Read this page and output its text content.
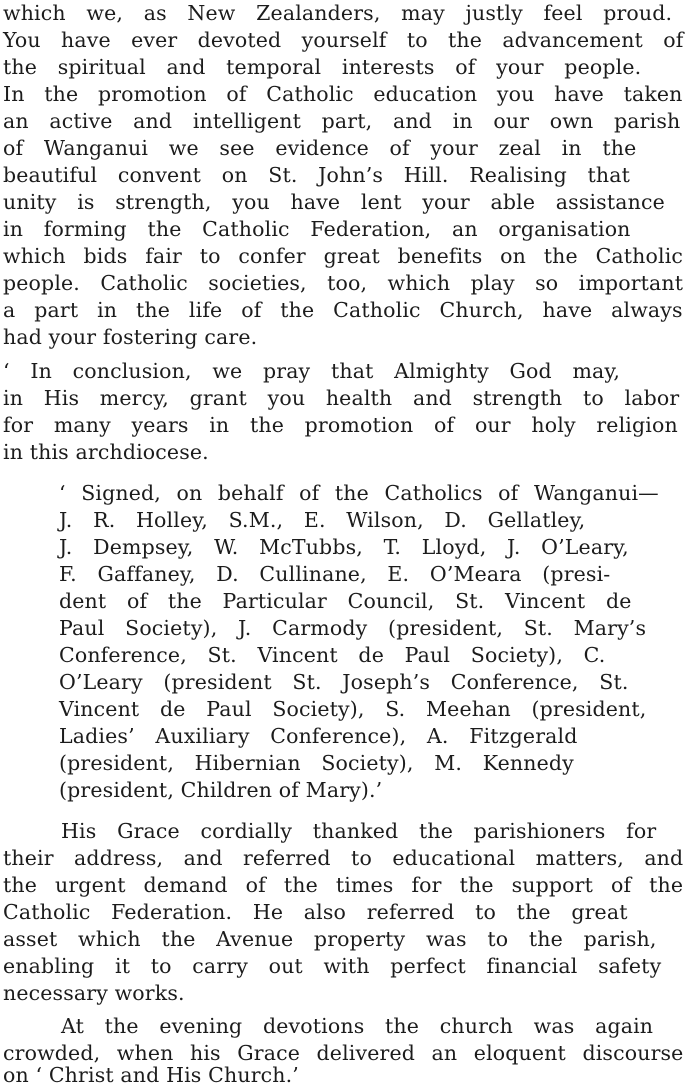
which we, as New Zealanders, may justly feel proud.
You have ever devoted yourself to the advancement of
the spiritual and temporal interests of your people.
In the promotion of Catholic education you have taken
an active and intelligent part, and in our own parish
of Wanganui we see evidence of your zeal in the
beautiful convent on St. John’s Hill. Realising that
unity is strength, you have lent your able assistance
in forming the Catholic Federation, an organisation
which bids fair to confer great benefits on the Catholic
people. Catholic societies, too, which play so important
a part in the life of the Catholic Church, have always
had your fostering care.
‘ In conclusion, we pray that Almighty God may,
in His mercy, grant you health and strength to labor
for many years in the promotion of our holy religion
in this archdiocese.
‘ Signed, on behalf of the Catholics of Wanganui—
J. R. Holley, S.M., E. Wilson, D. Gellatley,
J. Dempsey, W. McTubbs, T. Lloyd, J. O’Leary,
F. Gaffaney, D. Cullinane, E. O’Meara (presi-
dent of the Particular Council, St. Vincent de
Paul Society), J. Carmody (president, St. Mary’s
Conference, St. Vincent de Paul Society), C.
O’Leary (president St. Joseph’s Conference, St.
Vincent de Paul Society), S. Meehan (president,
Ladies’ Auxiliary Conference), A. Fitzgerald
(president, Hibernian Society), M. Kennedy
(president, Children of Mary).’
His Grace cordially thanked the parishioners for
their address, and referred to educational matters, and
the urgent demand of the times for the support of the
Catholic Federation. He also referred to the great
asset which the Avenue property was to the parish,
enabling it to carry out with perfect financial safety
necessary works.
At the evening devotions the church was again
crowded, when his Grace delivered an eloquent discourse
on ‘ Christ and His Church.’
